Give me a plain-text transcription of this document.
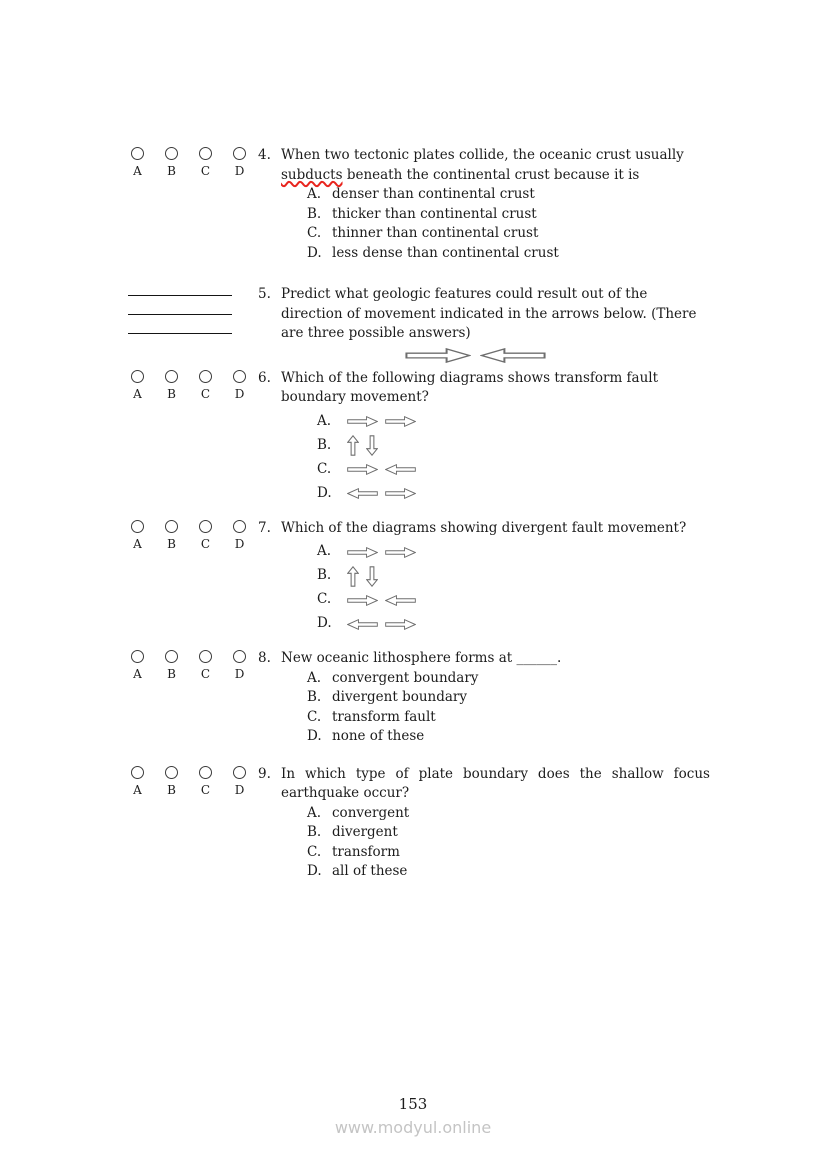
A B C D
4. When two tectonic plates collide, the oceanic crust usually subducts beneath the continental crust because it is
A. denser than continental crust
B. thicker than continental crust
C. thinner than continental crust
D. less dense than continental crust
5. Predict what geologic features could result out of the direction of movement indicated in the arrows below. (There are three possible answers)
A B C D
6. Which of the following diagrams shows transform fault boundary movement?
A.
B.
C.
D.
A B C D
7. Which of the diagrams showing divergent fault movement?
A.
B.
C.
D.
A B C D
8. New oceanic lithosphere forms at ______.
A. convergent boundary
B. divergent boundary
C. transform fault
D. none of these
A B C D
9. In which type of plate boundary does the shallow focus earthquake occur?
A. convergent
B. divergent
C. transform
D. all of these
153
www.modyul.online
